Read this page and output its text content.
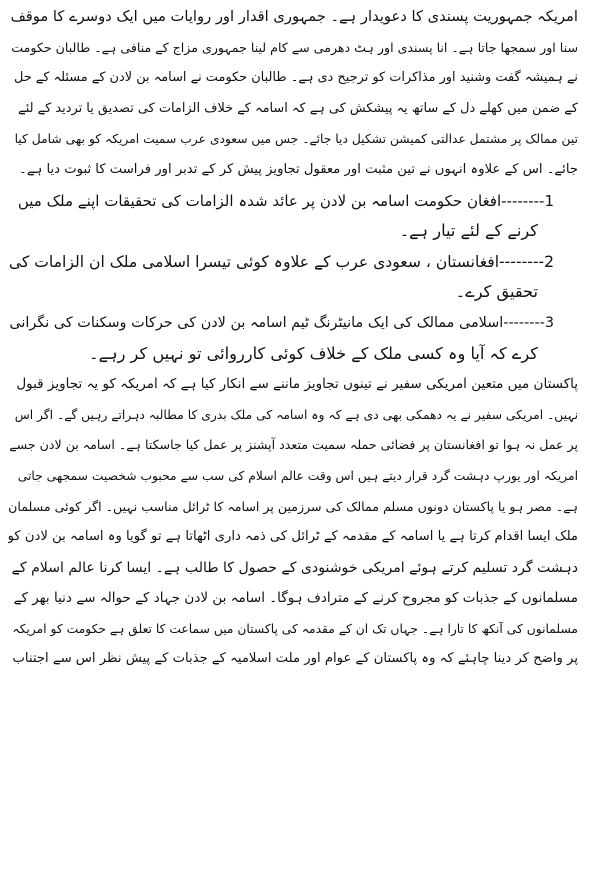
امریکہ جمہوریت پسندی کا دعویدار ہے۔ جمہوری اقدار اور روایات میں ایک دوسرے کا موقف
سنا اور سمجھا جاتا ہے۔ انا پسندی اور ہٹ دھرمی سے کام لینا جمہوری مزاج کے منافی ہے۔ طالبان حکومت
نے ہمیشہ گفت وشنید اور مذاکرات کو ترجیح دی ہے۔ طالبان حکومت نے اسامہ بن لادن کے مسئلہ کے حل
کے ضمن میں کھلے دل کے ساتھ یہ پیشکش کی ہے کہ اسامہ کے خلاف الزامات کی تصدیق یا تردید کے لئے
تین ممالک پر مشتمل عدالتی کمیشن تشکیل دیا جائے۔ جس میں سعودی عرب سمیت امریکہ کو بھی شامل کیا
جائے۔ اس کے علاوہ انہوں نے تین مثبت اور معقول تجاویز پیش کر کے تدبر اور فراست کا ثبوت دیا ہے۔
1--------افغان حکومت اسامہ بن لادن پر عائد شدہ الزامات کی تحقیقات اپنے ملک میں
کرنے کے لئے تیار ہے۔
2--------افغانستان ، سعودی عرب کے علاوہ کوئی تیسرا اسلامی ملک ان الزامات کی
تحقیق کرے۔
3--------اسلامی ممالک کی ایک مانیٹرنگ ٹیم اسامہ بن لادن کی حرکات وسکنات کی نگرانی
کرے کہ آیا وہ کسی ملک کے خلاف کوئی کارروائی تو نہیں کر رہے۔
پاکستان میں متعین امریکی سفیر نے تینوں تجاویز ماننے سے انکار کیا ہے کہ امریکہ کو یہ تجاویز قبول
نہیں۔ امریکی سفیر نے یہ دھمکی بھی دی ہے کہ وہ اسامہ کی ملک بدری کا مطالبہ دہراتے رہیں گے۔ اگر اس
پر عمل نہ ہوا تو افغانستان پر فضائی حملہ سمیت متعدد آپشنز پر عمل کیا جاسکتا ہے۔ اسامہ بن لادن جسے
امریکہ اور یورپ دہشت گرد قرار دیتے ہیں اس وقت عالم اسلام کی سب سے محبوب شخصیت سمجھی جاتی
ہے۔ مصر ہو یا پاکستان دونوں مسلم ممالک کی سرزمین پر اسامہ کا ٹرائل مناسب نہیں۔ اگر کوئی مسلمان
ملک ایسا اقدام کرتا ہے یا اسامہ کے مقدمہ کے ٹرائل کی ذمہ داری اٹھاتا ہے تو گویا وہ اسامہ بن لادن کو
دہشت گرد تسلیم کرتے ہوئے امریکی خوشنودی کے حصول کا طالب ہے۔ ایسا کرنا عالم اسلام کے
مسلمانوں کے جذبات کو مجروح کرنے کے مترادف ہوگا۔ اسامہ بن لادن جہاد کے حوالہ سے دنیا بھر کے
مسلمانوں کی آنکھ کا تارا ہے۔ جہاں تک ان کے مقدمہ کی پاکستان میں سماعت کا تعلق ہے حکومت کو امریکہ
پر واضح کر دینا چاہئے کہ وہ پاکستان کے عوام اور ملت اسلامیہ کے جذبات کے پیش نظر اس سے اجتناب
